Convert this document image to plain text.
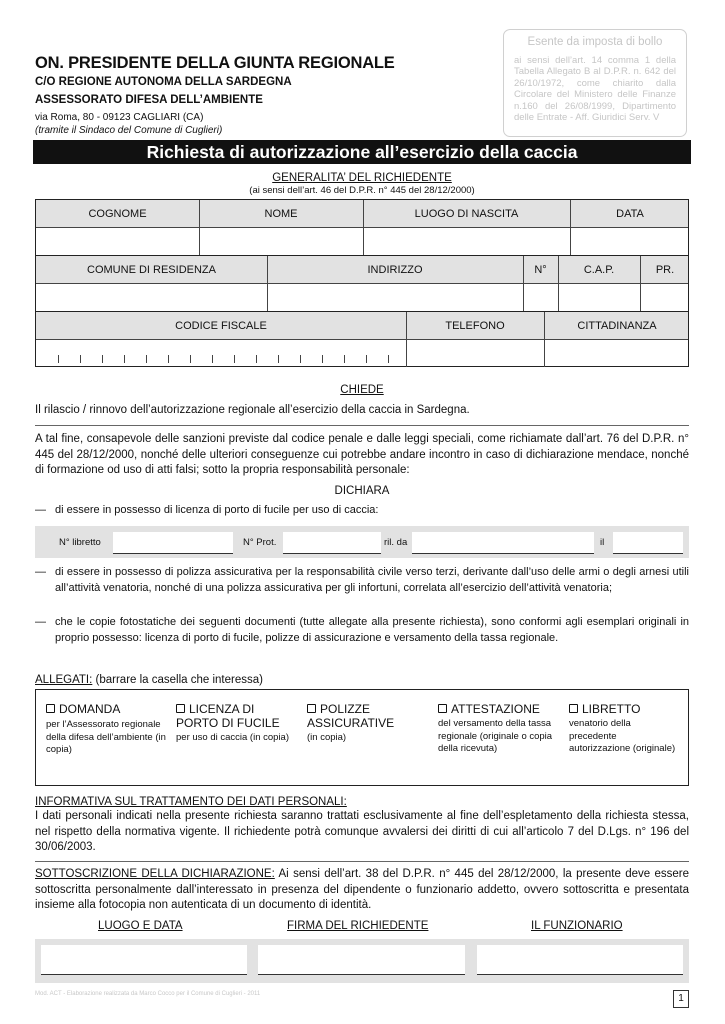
ON. PRESIDENTE DELLA GIUNTA REGIONALE
C/O REGIONE AUTONOMA DELLA SARDEGNA
ASSESSORATO DIFESA DELL’AMBIENTE
via Roma, 80 - 09123 CAGLIARI (CA)
(tramite il Sindaco del Comune di Cuglieri)
Esente da imposta di bollo
ai sensi dell’art. 14 comma 1 della Tabella Allegato B al D.P.R. n. 642 del 26/10/1972, come chiarito dalla Circolare del Ministero delle Finanze n.160 del 26/08/1999, Dipartimento delle Entrate - Aff. Giuridici Serv. V
Richiesta di autorizzazione all’esercizio della caccia
GENERALITA’ DEL RICHIEDENTE
(ai sensi dell’art. 46 del D.P.R. n° 445 del 28/12/2000)
COGNOME	NOME	LUOGO DI NASCITA	DATA
COMUNE DI RESIDENZA	INDIRIZZO	N°	C.A.P.	PR.
CODICE FISCALE	TELEFONO	CITTADINANZA
CHIEDE
Il rilascio / rinnovo dell’autorizzazione regionale all’esercizio della caccia in Sardegna.
A tal fine, consapevole delle sanzioni previste dal codice penale e dalle leggi speciali, come richiamate dall’art. 76 del D.P.R. n° 445 del 28/12/2000, nonché delle ulteriori conseguenze cui potrebbe andare incontro in caso di dichiarazione mendace, nonché di formazione od uso di atti falsi; sotto la propria responsabilità personale:
DICHIARA
— di essere in possesso di licenza di porto di fucile per uso di caccia:
N° libretto	N° Prot.	ril. da	il
— di essere in possesso di polizza assicurativa per la responsabilità civile verso terzi, derivante dall’uso delle armi o degli arnesi utili all’attività venatoria, nonché di una polizza assicurativa per gli infortuni, correlata all’esercizio dell’attività venatoria;
— che le copie fotostatiche dei seguenti documenti (tutte allegate alla presente richiesta), sono conformi agli esemplari originali in proprio possesso: licenza di porto di fucile, polizze di assicurazione e versamento della tassa regionale.
ALLEGATI: (barrare la casella che interessa)
DOMANDA
per l’Assessorato regionale della difesa dell’ambiente (in copia)
LICENZA DI
PORTO DI FUCILE
per uso di caccia (in copia)
POLIZZE
ASSICURATIVE
(in copia)
ATTESTAZIONE
del versamento della tassa regionale (originale o copia della ricevuta)
LIBRETTO
venatorio della precedente autorizzazione (originale)
INFORMATIVA SUL TRATTAMENTO DEI DATI PERSONALI:
I dati personali indicati nella presente richiesta saranno trattati esclusivamente al fine dell’espletamento della richiesta stessa, nel rispetto della normativa vigente. Il richiedente potrà comunque avvalersi dei diritti di cui all’articolo 7 del D.Lgs. n° 196 del 30/06/2003.
SOTTOSCRIZIONE DELLA DICHIARAZIONE: Ai sensi dell’art. 38 del D.P.R. n° 445 del 28/12/2000, la presente deve essere sottoscritta personalmente dall’interessato in presenza del dipendente o funzionario addetto, ovvero sottoscritta e presentata insieme alla fotocopia non autenticata di un documento di identità.
LUOGO E DATA	FIRMA DEL RICHIEDENTE	IL FUNZIONARIO
Mod. ACT - Elaborazione realizzata da Marco Cocco per il Comune di Cuglieri - 2011	1
